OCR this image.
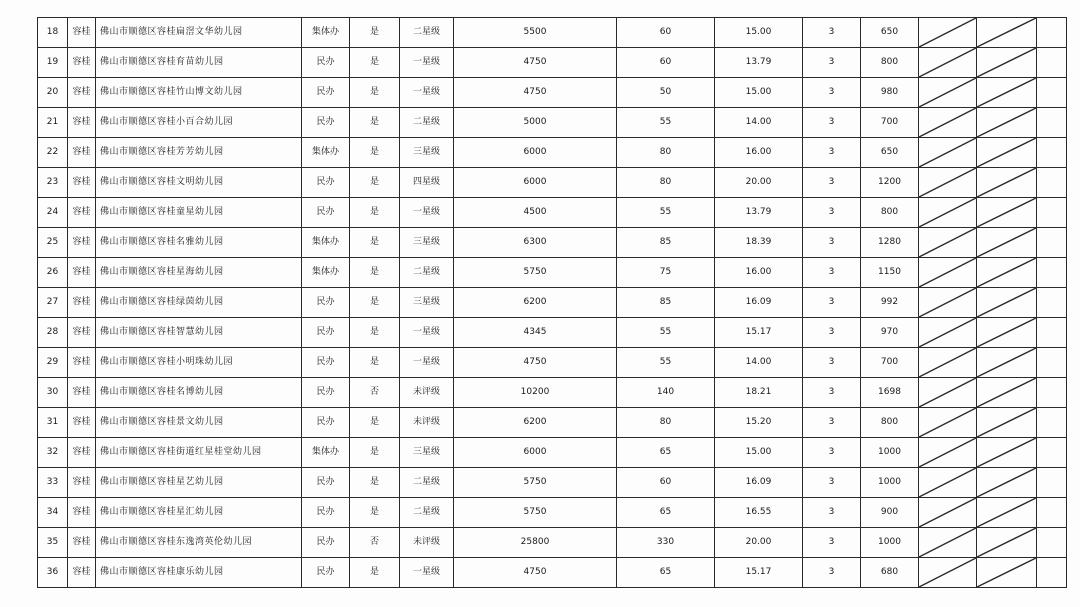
18	容桂	佛山市顺德区容桂扁滘文华幼儿园	集体办	是	二星级	5500	60	15.00	3	650	

19	容桂	佛山市顺德区容桂育苗幼儿园	民办	是	一星级	4750	60	13.79	3	800	

20	容桂	佛山市顺德区容桂竹山博文幼儿园	民办	是	一星级	4750	50	15.00	3	980	

21	容桂	佛山市顺德区容桂小百合幼儿园	民办	是	二星级	5000	55	14.00	3	700	

22	容桂	佛山市顺德区容桂芳芳幼儿园	集体办	是	三星级	6000	80	16.00	3	650	

23	容桂	佛山市顺德区容桂文明幼儿园	民办	是	四星级	6000	80	20.00	3	1200	

24	容桂	佛山市顺德区容桂童星幼儿园	民办	是	一星级	4500	55	13.79	3	800	

25	容桂	佛山市顺德区容桂名雅幼儿园	集体办	是	三星级	6300	85	18.39	3	1280	

26	容桂	佛山市顺德区容桂星海幼儿园	集体办	是	二星级	5750	75	16.00	3	1150	

27	容桂	佛山市顺德区容桂绿茵幼儿园	民办	是	三星级	6200	85	16.09	3	992	

28	容桂	佛山市顺德区容桂智慧幼儿园	民办	是	一星级	4345	55	15.17	3	970	

29	容桂	佛山市顺德区容桂小明珠幼儿园	民办	是	一星级	4750	55	14.00	3	700	

30	容桂	佛山市顺德区容桂名博幼儿园	民办	否	未评级	10200	140	18.21	3	1698	

31	容桂	佛山市顺德区容桂景文幼儿园	民办	是	未评级	6200	80	15.20	3	800	

32	容桂	佛山市顺德区容桂街道红星桂堂幼儿园	集体办	是	三星级	6000	65	15.00	3	1000	

33	容桂	佛山市顺德区容桂星艺幼儿园	民办	是	二星级	5750	60	16.09	3	1000	

34	容桂	佛山市顺德区容桂星汇幼儿园	民办	是	二星级	5750	65	16.55	3	900	

35	容桂	佛山市顺德区容桂东逸湾英伦幼儿园	民办	否	未评级	25800	330	20.00	3	1000	

36	容桂	佛山市顺德区容桂康乐幼儿园	民办	是	一星级	4750	65	15.17	3	680	
